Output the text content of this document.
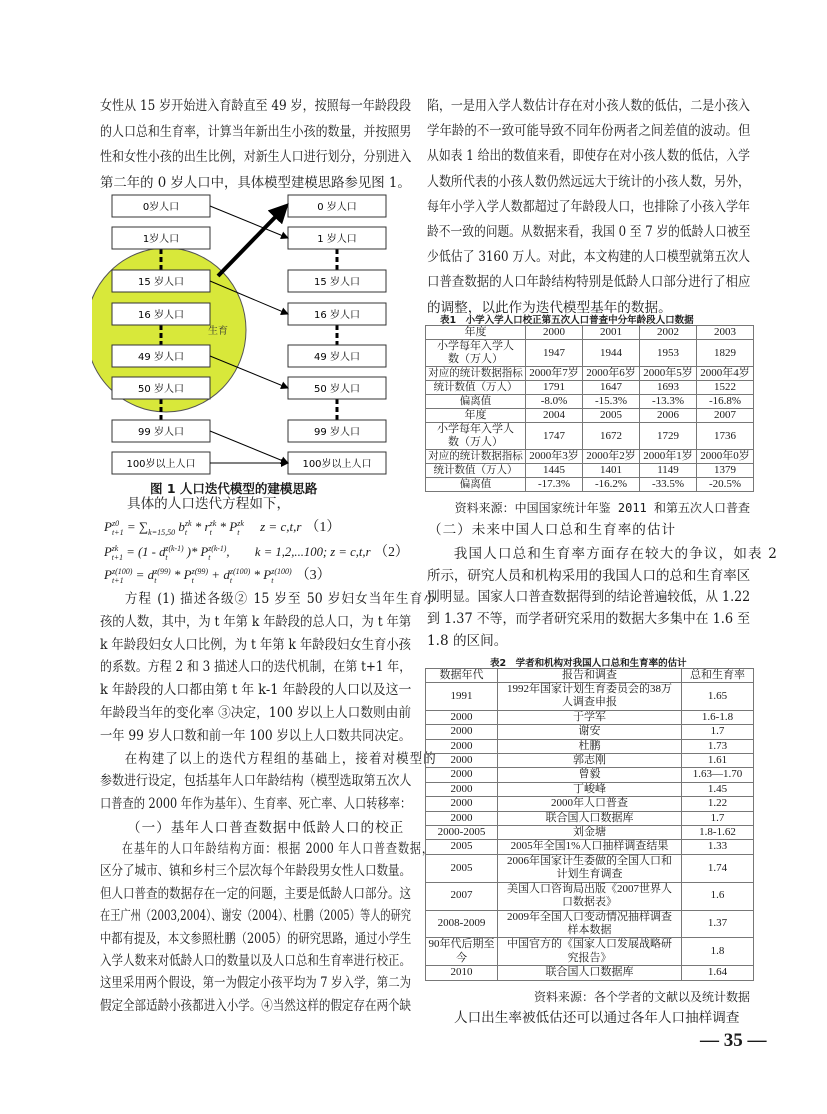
女性从 15 岁开始进入育龄直至 49 岁，按照每一年龄段段
的人口总和生育率，计算当年新出生小孩的数量，并按照男
性和女性小孩的出生比例，对新生人口进行划分，分别进入
第二年的 0 岁人口中，具体模型建模思路参见图 1。
生育
0岁人口
1岁人口
15 岁人口
16 岁人口
49 岁人口
50 岁人口
99 岁人口
100岁以上人口
0 岁人口
1 岁人口
15 岁人口
16 岁人口
49 岁人口
50 岁人口
99 岁人口
100岁以上人口
图 1 人口迭代模型的建模思路
具体的人口迭代方程如下，
P z0
t+1 = ∑
k=15,50 b zk
t * r zk
t * P zk
t z = c,t,r （1）
P zk
t+1 = (1 - d z(k-1)
t	)* P z(k-1)
t	,        k = 1,2,...100; z = c,t,r （2）
P z(100)
t+1 = d z(99)
t	* P z(99)
t	+ d z(100)
t	* P z(100)
t	（3）
方程 (1) 描述各级② 15 岁至 50 岁妇女当年生育小
孩的人数，其中，为 t 年第 k 年龄段的总人口，为 t 年第
k 年龄段妇女人口比例，为 t 年第 k 年龄段妇女生育小孩
的系数。方程 2 和 3 描述人口的迭代机制，在第 t+1 年，
k 年龄段的人口都由第 t 年 k-1 年龄段的人口以及这一
年龄段当年的变化率 ③决定，100 岁以上人口数则由前
一年 99 岁人口数和前一年 100 岁以上人口数共同决定。
在构建了以上的迭代方程组的基础上，接着对模型的
参数进行设定，包括基年人口年龄结构（模型选取第五次人
口普查的 2000 年作为基年）、生育率、死亡率、人口转移率：
（一）基年人口普查数据中低龄人口的校正
在基年的人口年龄结构方面：根据 2000 年人口普查数据，
区分了城市、镇和乡村三个层次每个年龄段男女性人口数量。
但人口普查的数据存在一定的问题，主要是低龄人口部分。这
在王广州（2003,2004）、谢安（2004）、杜鹏（2005）等人的研究
中都有提及，本文参照杜鹏（2005）的研究思路，通过小学生
入学人数来对低龄人口的数量以及人口总和生育率进行校正。
这里采用两个假设，第一为假定小孩平均为 7 岁入学，第二为
假定全部适龄小孩都进入小学。④当然这样的假定存在两个缺
陷，一是用入学人数估计存在对小孩人数的低估，二是小孩入
学年龄的不一致可能导致不同年份两者之间差值的波动。但
从如表 1 给出的数值来看，即使存在对小孩人数的低估，入学
人数所代表的小孩人数仍然远远大于统计的小孩人数，另外，
每年小学入学人数都超过了年龄段人口，也排除了小孩入学年
龄不一致的问题。从数据来看，我国 0 至 7 岁的低龄人口被至
少低估了 3160 万人。对此，本文构建的人口模型就第五次人
口普查数据的人口年龄结构特别是低龄人口部分进行了相应
的调整，以此作为迭代模型基年的数据。
表1　小学入学人口校正第五次人口普查中分年龄段人口数据
年度	2000	2001	2002	2003
小学每年入学人数（万人）	1947	1944	1953	1829
对应的统计数据指标	2000年7岁	2000年6岁	2000年5岁	2000年4岁
统计数值（万人）	1791	1647	1693	1522
偏离值	-8.0%	-15.3%	-13.3%	-16.8%
年度	2004	2005	2006	2007
小学每年入学人数（万人）	1747	1672	1729	1736
对应的统计数据指标	2000年3岁	2000年2岁	2000年1岁	2000年0岁
统计数值（万人）	1445	1401	1149	1379
偏离值	-17.3%	-16.2%	-33.5%	-20.5%
资料来源：中国国家统计年鉴 2011 和第五次人口普查
（二）未来中国人口总和生育率的估计
我国人口总和生育率方面存在较大的争议，如表 2
所示，研究人员和机构采用的我国人口的总和生育率区
别明显。国家人口普查数据得到的结论普遍较低，从 1.22
到 1.37 不等，而学者研究采用的数据大多集中在 1.6 至
1.8 的区间。
表2　学者和机构对我国人口总和生育率的估计
数据年代	报告和调查	总和生育率
1991	1992年国家计划生育委员会的38万人调查申报	1.65
2000	于学军	1.6-1.8
2000	谢安	1.7
2000	杜鹏	1.73
2000	郭志刚	1.61
2000	曾毅	1.63—1.70
2000	丁峻峰	1.45
2000	2000年人口普查	1.22
2000	联合国人口数据库	1.7
2000-2005	刘金塘	1.8-1.62
2005	2005年全国1%人口抽样调查结果	1.33
2005	2006年国家计生委做的全国人口和计划生育调查	1.74
2007	美国人口咨询局出版《2007世界人口数据表》	1.6
2008-2009	2009年全国人口变动情况抽样调查样本数据	1.37
90年代后期至今	中国官方的《国家人口发展战略研究报告》	1.8
2010	联合国人口数据库	1.64
资料来源：各个学者的文献以及统计数据
人口出生率被低估还可以通过各年人口抽样调查
— 35 —
